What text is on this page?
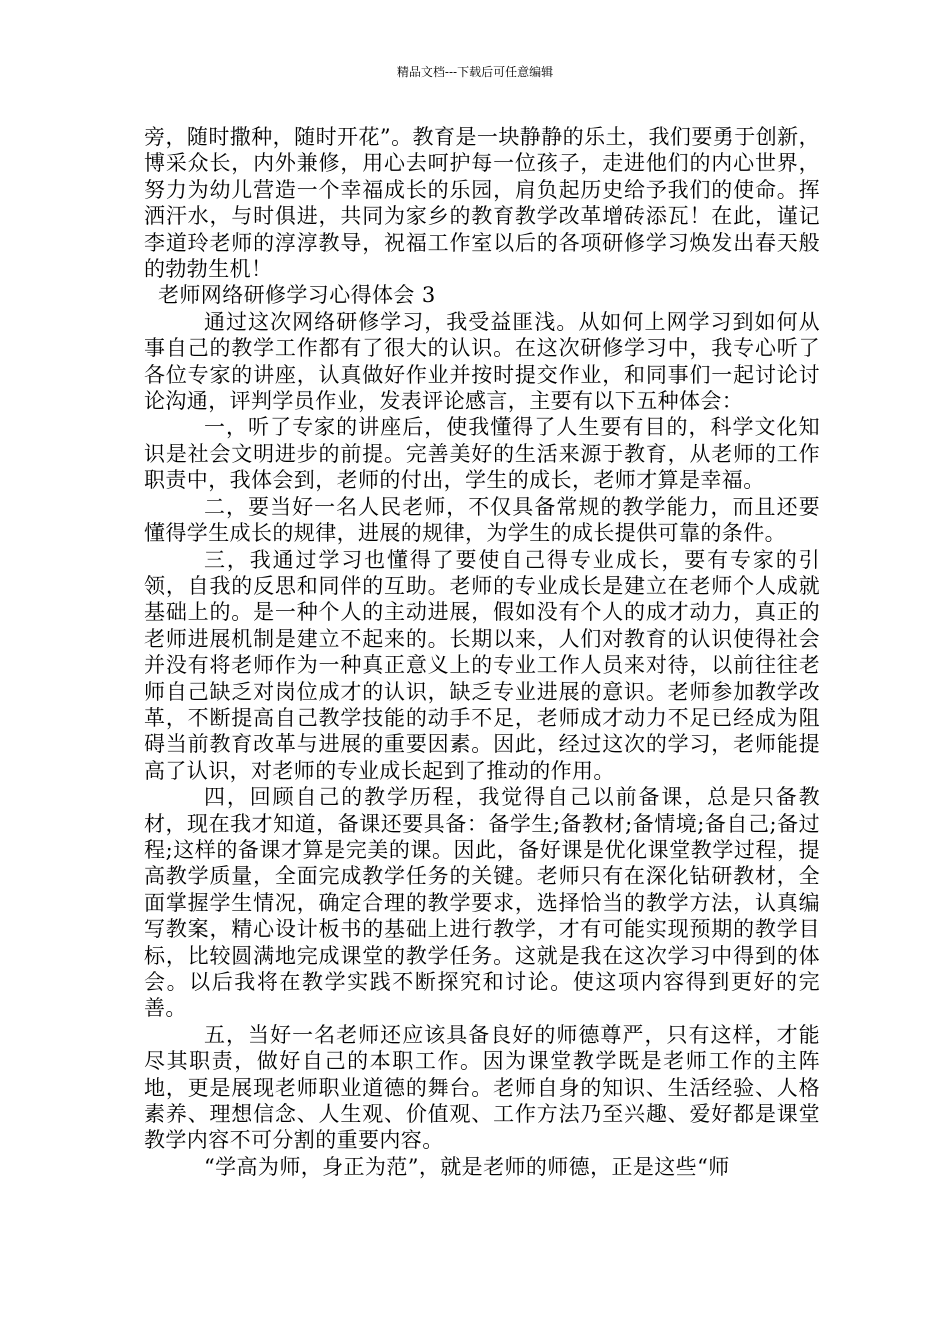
精品文档---下载后可任意编辑

旁，随时撒种，随时开花”。教育是一块静静的乐土，我们要勇于创新，博采众长，内外兼修，用心去呵护每一位孩子，走进他们的内心世界，努力为幼儿营造一个幸福成长的乐园，肩负起历史给予我们的使命。挥洒汗水，与时俱进，共同为家乡的教育教学改革增砖添瓦！在此，谨记李道玲老师的淳淳教导，祝福工作室以后的各项研修学习焕发出春天般的勃勃生机！

老师网络研修学习心得体会 3

通过这次网络研修学习，我受益匪浅。从如何上网学习到如何从事自己的教学工作都有了很大的认识。在这次研修学习中，我专心听了各位专家的讲座，认真做好作业并按时提交作业，和同事们一起讨论讨论沟通，评判学员作业，发表评论感言，主要有以下五种体会：

一，听了专家的讲座后，使我懂得了人生要有目的，科学文化知识是社会文明进步的前提。完善美好的生活来源于教育，从老师的工作职责中，我体会到，老师的付出，学生的成长，老师才算是幸福。

二，要当好一名人民老师，不仅具备常规的教学能力，而且还要懂得学生成长的规律，进展的规律，为学生的成长提供可靠的条件。

三，我通过学习也懂得了要使自己得专业成长，要有专家的引领，自我的反思和同伴的互助。老师的专业成长是建立在老师个人成就基础上的。是一种个人的主动进展，假如没有个人的成才动力，真正的老师进展机制是建立不起来的。长期以来，人们对教育的认识使得社会并没有将老师作为一种真正意义上的专业工作人员来对待，以前往往老师自己缺乏对岗位成才的认识，缺乏专业进展的意识。老师参加教学改革，不断提高自己教学技能的动手不足，老师成才动力不足已经成为阻碍当前教育改革与进展的重要因素。因此，经过这次的学习，老师能提高了认识，对老师的专业成长起到了推动的作用。

四，回顾自己的教学历程，我觉得自己以前备课，总是只备教材，现在我才知道，备课还要具备：备学生;备教材;备情境;备自己;备过程;这样的备课才算是完美的课。因此，备好课是优化课堂教学过程，提高教学质量，全面完成教学任务的关键。老师只有在深化钻研教材，全面掌握学生情况，确定合理的教学要求，选择恰当的教学方法，认真编写教案，精心设计板书的基础上进行教学，才有可能实现预期的教学目标，比较圆满地完成课堂的教学任务。这就是我在这次学习中得到的体会。以后我将在教学实践不断探究和讨论。使这项内容得到更好的完善。

五，当好一名老师还应该具备良好的师德尊严，只有这样，才能尽其职责，做好自己的本职工作。因为课堂教学既是老师工作的主阵地，更是展现老师职业道德的舞台。老师自身的知识、生活经验、人格素养、理想信念、人生观、价值观、工作方法乃至兴趣、爱好都是课堂教学内容不可分割的重要内容。

“学高为师，身正为范”，就是老师的师德，正是这些“师
